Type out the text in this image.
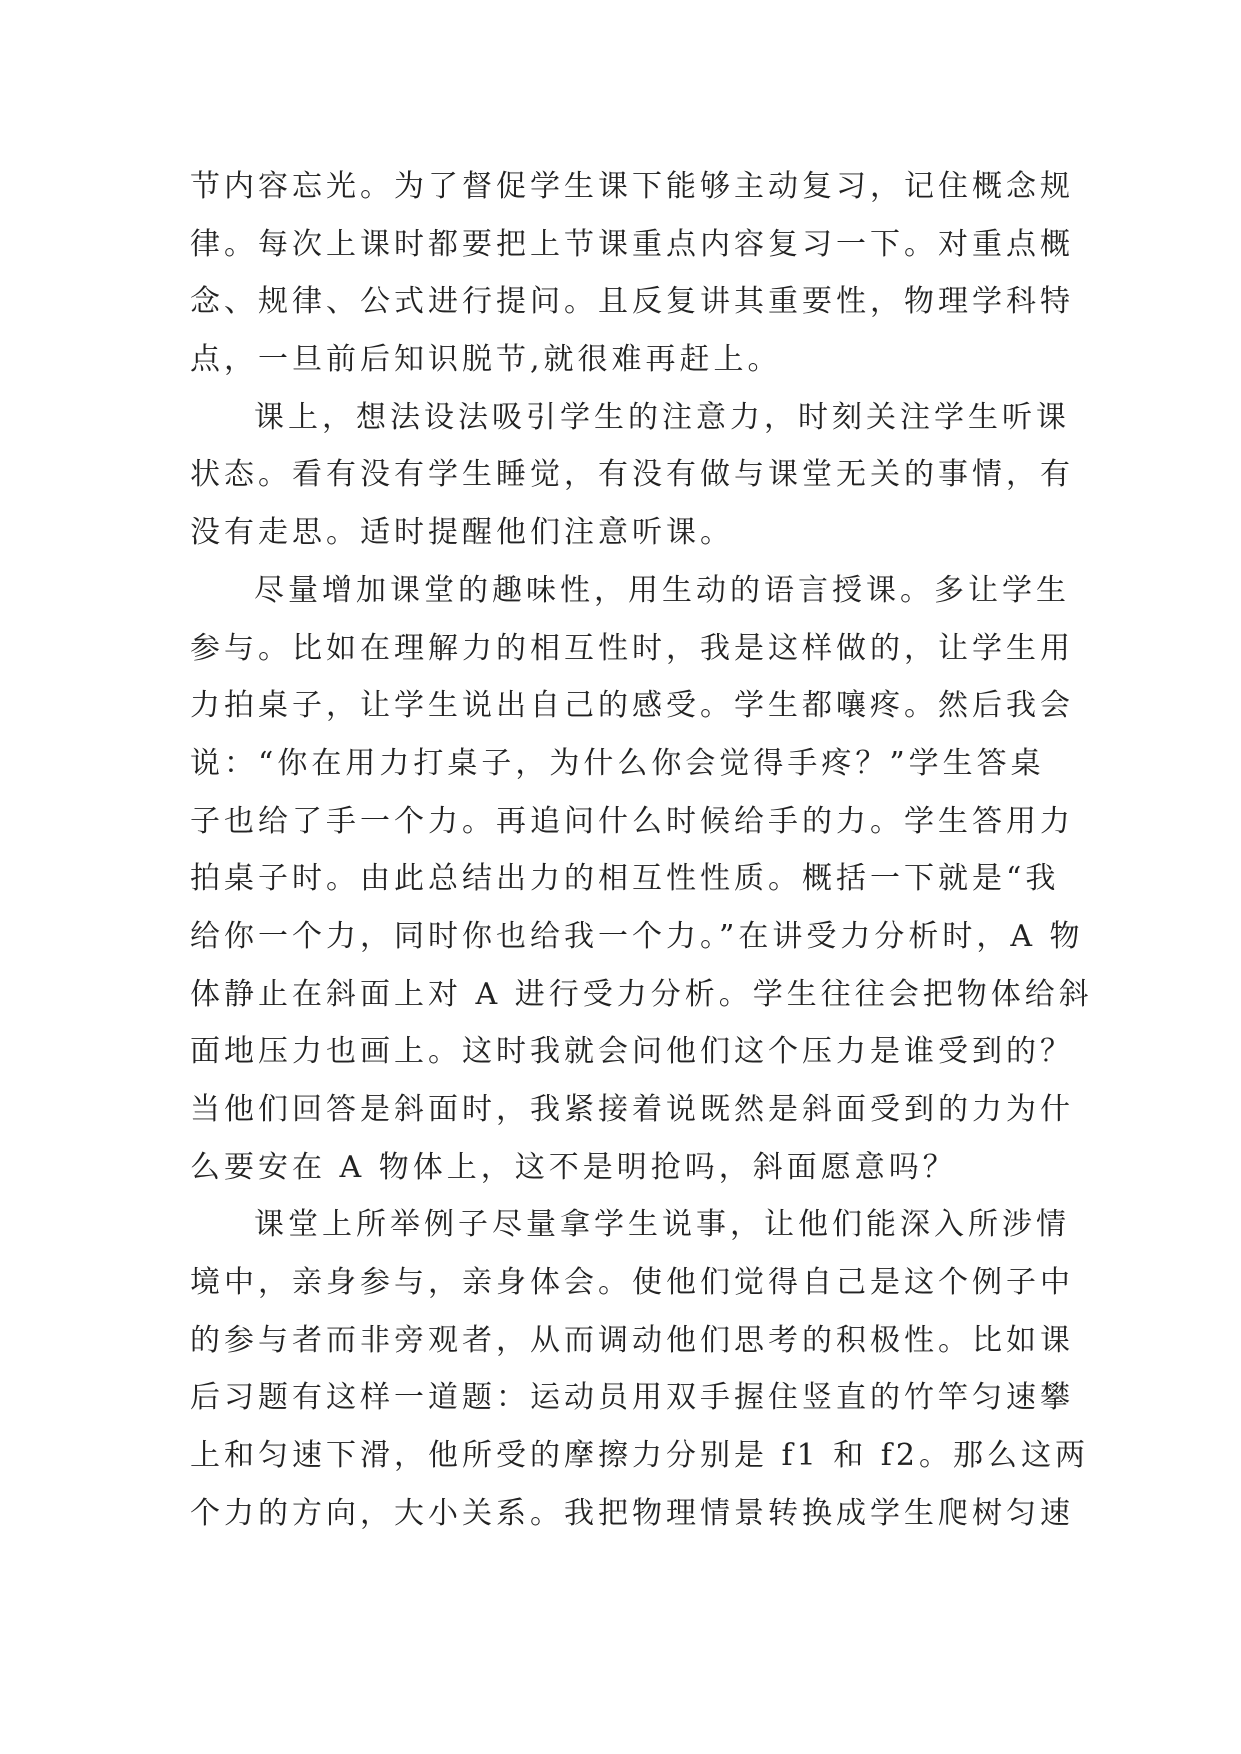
节内容忘光。为了督促学生课下能够主动复习，记住概念规

律。每次上课时都要把上节课重点内容复习一下。对重点概

念、规律、公式进行提问。且反复讲其重要性，物理学科特

点，一旦前后知识脱节,就很难再赶上。

课上，想法设法吸引学生的注意力，时刻关注学生听课

状态。看有没有学生睡觉，有没有做与课堂无关的事情，有

没有走思。适时提醒他们注意听课。

尽量增加课堂的趣味性，用生动的语言授课。多让学生

参与。比如在理解力的相互性时，我是这样做的，让学生用

力拍桌子，让学生说出自己的感受。学生都嚷疼。然后我会

说：“你在用力打桌子，为什么你会觉得手疼？”学生答桌

子也给了手一个力。再追问什么时候给手的力。学生答用力

拍桌子时。由此总结出力的相互性性质。概括一下就是“我

给你一个力，同时你也给我一个力。”在讲受力分析时，A 物

体静止在斜面上对 A 进行受力分析。学生往往会把物体给斜

面地压力也画上。这时我就会问他们这个压力是谁受到的？

当他们回答是斜面时，我紧接着说既然是斜面受到的力为什

么要安在 A 物体上，这不是明抢吗，斜面愿意吗？

课堂上所举例子尽量拿学生说事，让他们能深入所涉情

境中，亲身参与，亲身体会。使他们觉得自己是这个例子中

的参与者而非旁观者，从而调动他们思考的积极性。比如课

后习题有这样一道题：运动员用双手握住竖直的竹竿匀速攀

上和匀速下滑，他所受的摩擦力分别是 f1 和 f2。那么这两

个力的方向，大小关系。我把物理情景转换成学生爬树匀速
